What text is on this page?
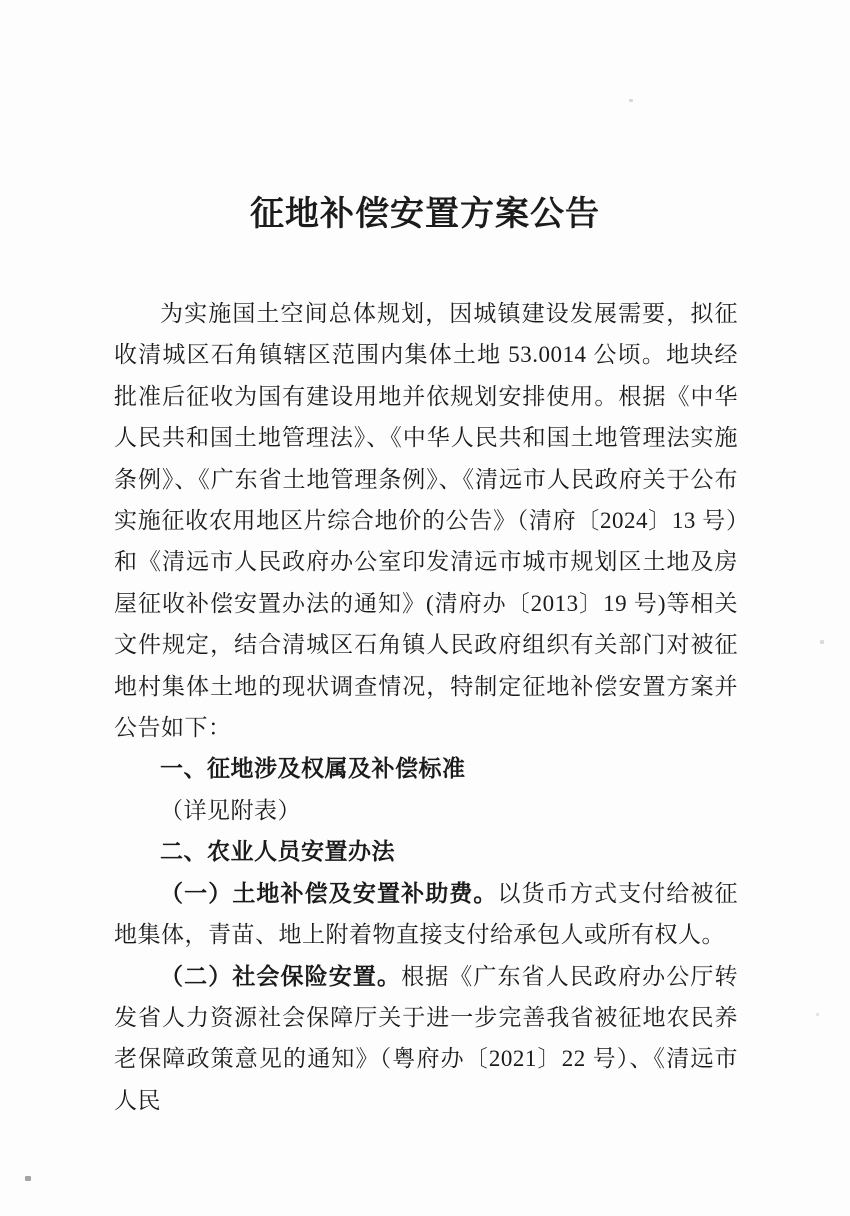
征地补偿安置方案公告

为实施国土空间总体规划，因城镇建设发展需要，拟征收清城区石角镇辖区范围内集体土地 53.0014 公顷。地块经批准后征收为国有建设用地并依规划安排使用。根据《中华人民共和国土地管理法》、《中华人民共和国土地管理法实施条例》、《广东省土地管理条例》、《清远市人民政府关于公布实施征收农用地区片综合地价的公告》（清府〔2024〕13 号）和《清远市人民政府办公室印发清远市城市规划区土地及房屋征收补偿安置办法的通知》(清府办〔2013〕19 号)等相关文件规定，结合清城区石角镇人民政府组织有关部门对被征地村集体土地的现状调查情况，特制定征地补偿安置方案并公告如下：

一、征地涉及权属及补偿标准

（详见附表）

二、农业人员安置办法

（一）土地补偿及安置补助费。以货币方式支付给被征地集体，青苗、地上附着物直接支付给承包人或所有权人。

（二）社会保险安置。根据《广东省人民政府办公厅转发省人力资源社会保障厅关于进一步完善我省被征地农民养老保障政策意见的通知》（粤府办〔2021〕22 号）、《清远市人民
